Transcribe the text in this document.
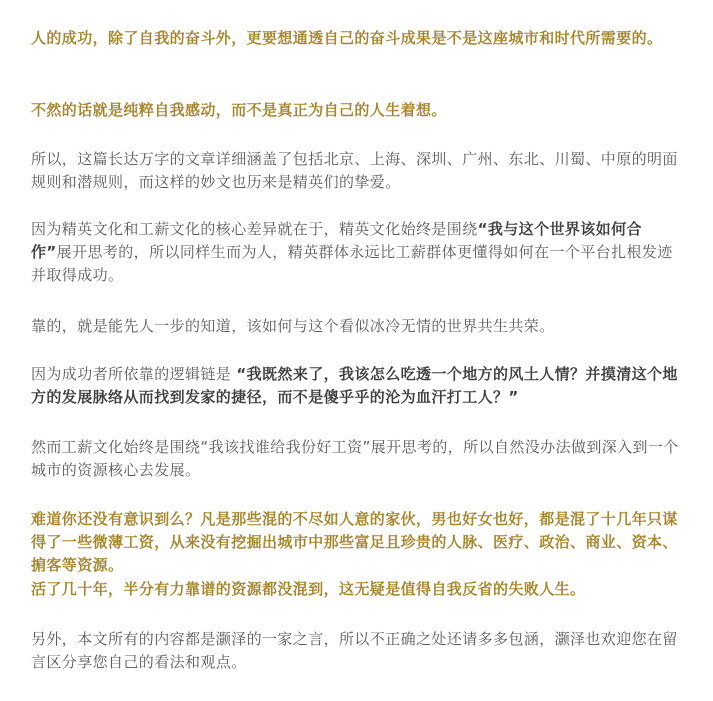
人的成功，除了自我的奋斗外，更要想通透自己的奋斗成果是不是这座城市和时代所需要的。

不然的话就是纯粹自我感动，而不是真正为自己的人生着想。

所以，这篇长达万字的文章详细涵盖了包括北京、上海、深圳、广州、东北、川蜀、中原的明面规则和潜规则，而这样的妙文也历来是精英们的挚爱。

因为精英文化和工薪文化的核心差异就在于，精英文化始终是围绕“我与这个世界该如何合作”展开思考的，所以同样生而为人，精英群体永远比工薪群体更懂得如何在一个平台扎根发迹并取得成功。

靠的，就是能先人一步的知道，该如何与这个看似冰冷无情的世界共生共荣。

因为成功者所依靠的逻辑链是 “我既然来了，我该怎么吃透一个地方的风土人情？并摸清这个地方的发展脉络从而找到发家的捷径，而不是傻乎乎的沦为血汗打工人？”

然而工薪文化始终是围绕“我该找谁给我份好工资”展开思考的，所以自然没办法做到深入到一个城市的资源核心去发展。

难道你还没有意识到么？凡是那些混的不尽如人意的家伙，男也好女也好，都是混了十几年只谋得了一些微薄工资，从来没有挖掘出城市中那些富足且珍贵的人脉、医疗、政治、商业、资本、掮客等资源。

活了几十年，半分有力靠谱的资源都没混到，这无疑是值得自我反省的失败人生。

另外，本文所有的内容都是灏泽的一家之言，所以不正确之处还请多多包涵，灏泽也欢迎您在留言区分享您自己的看法和观点。
